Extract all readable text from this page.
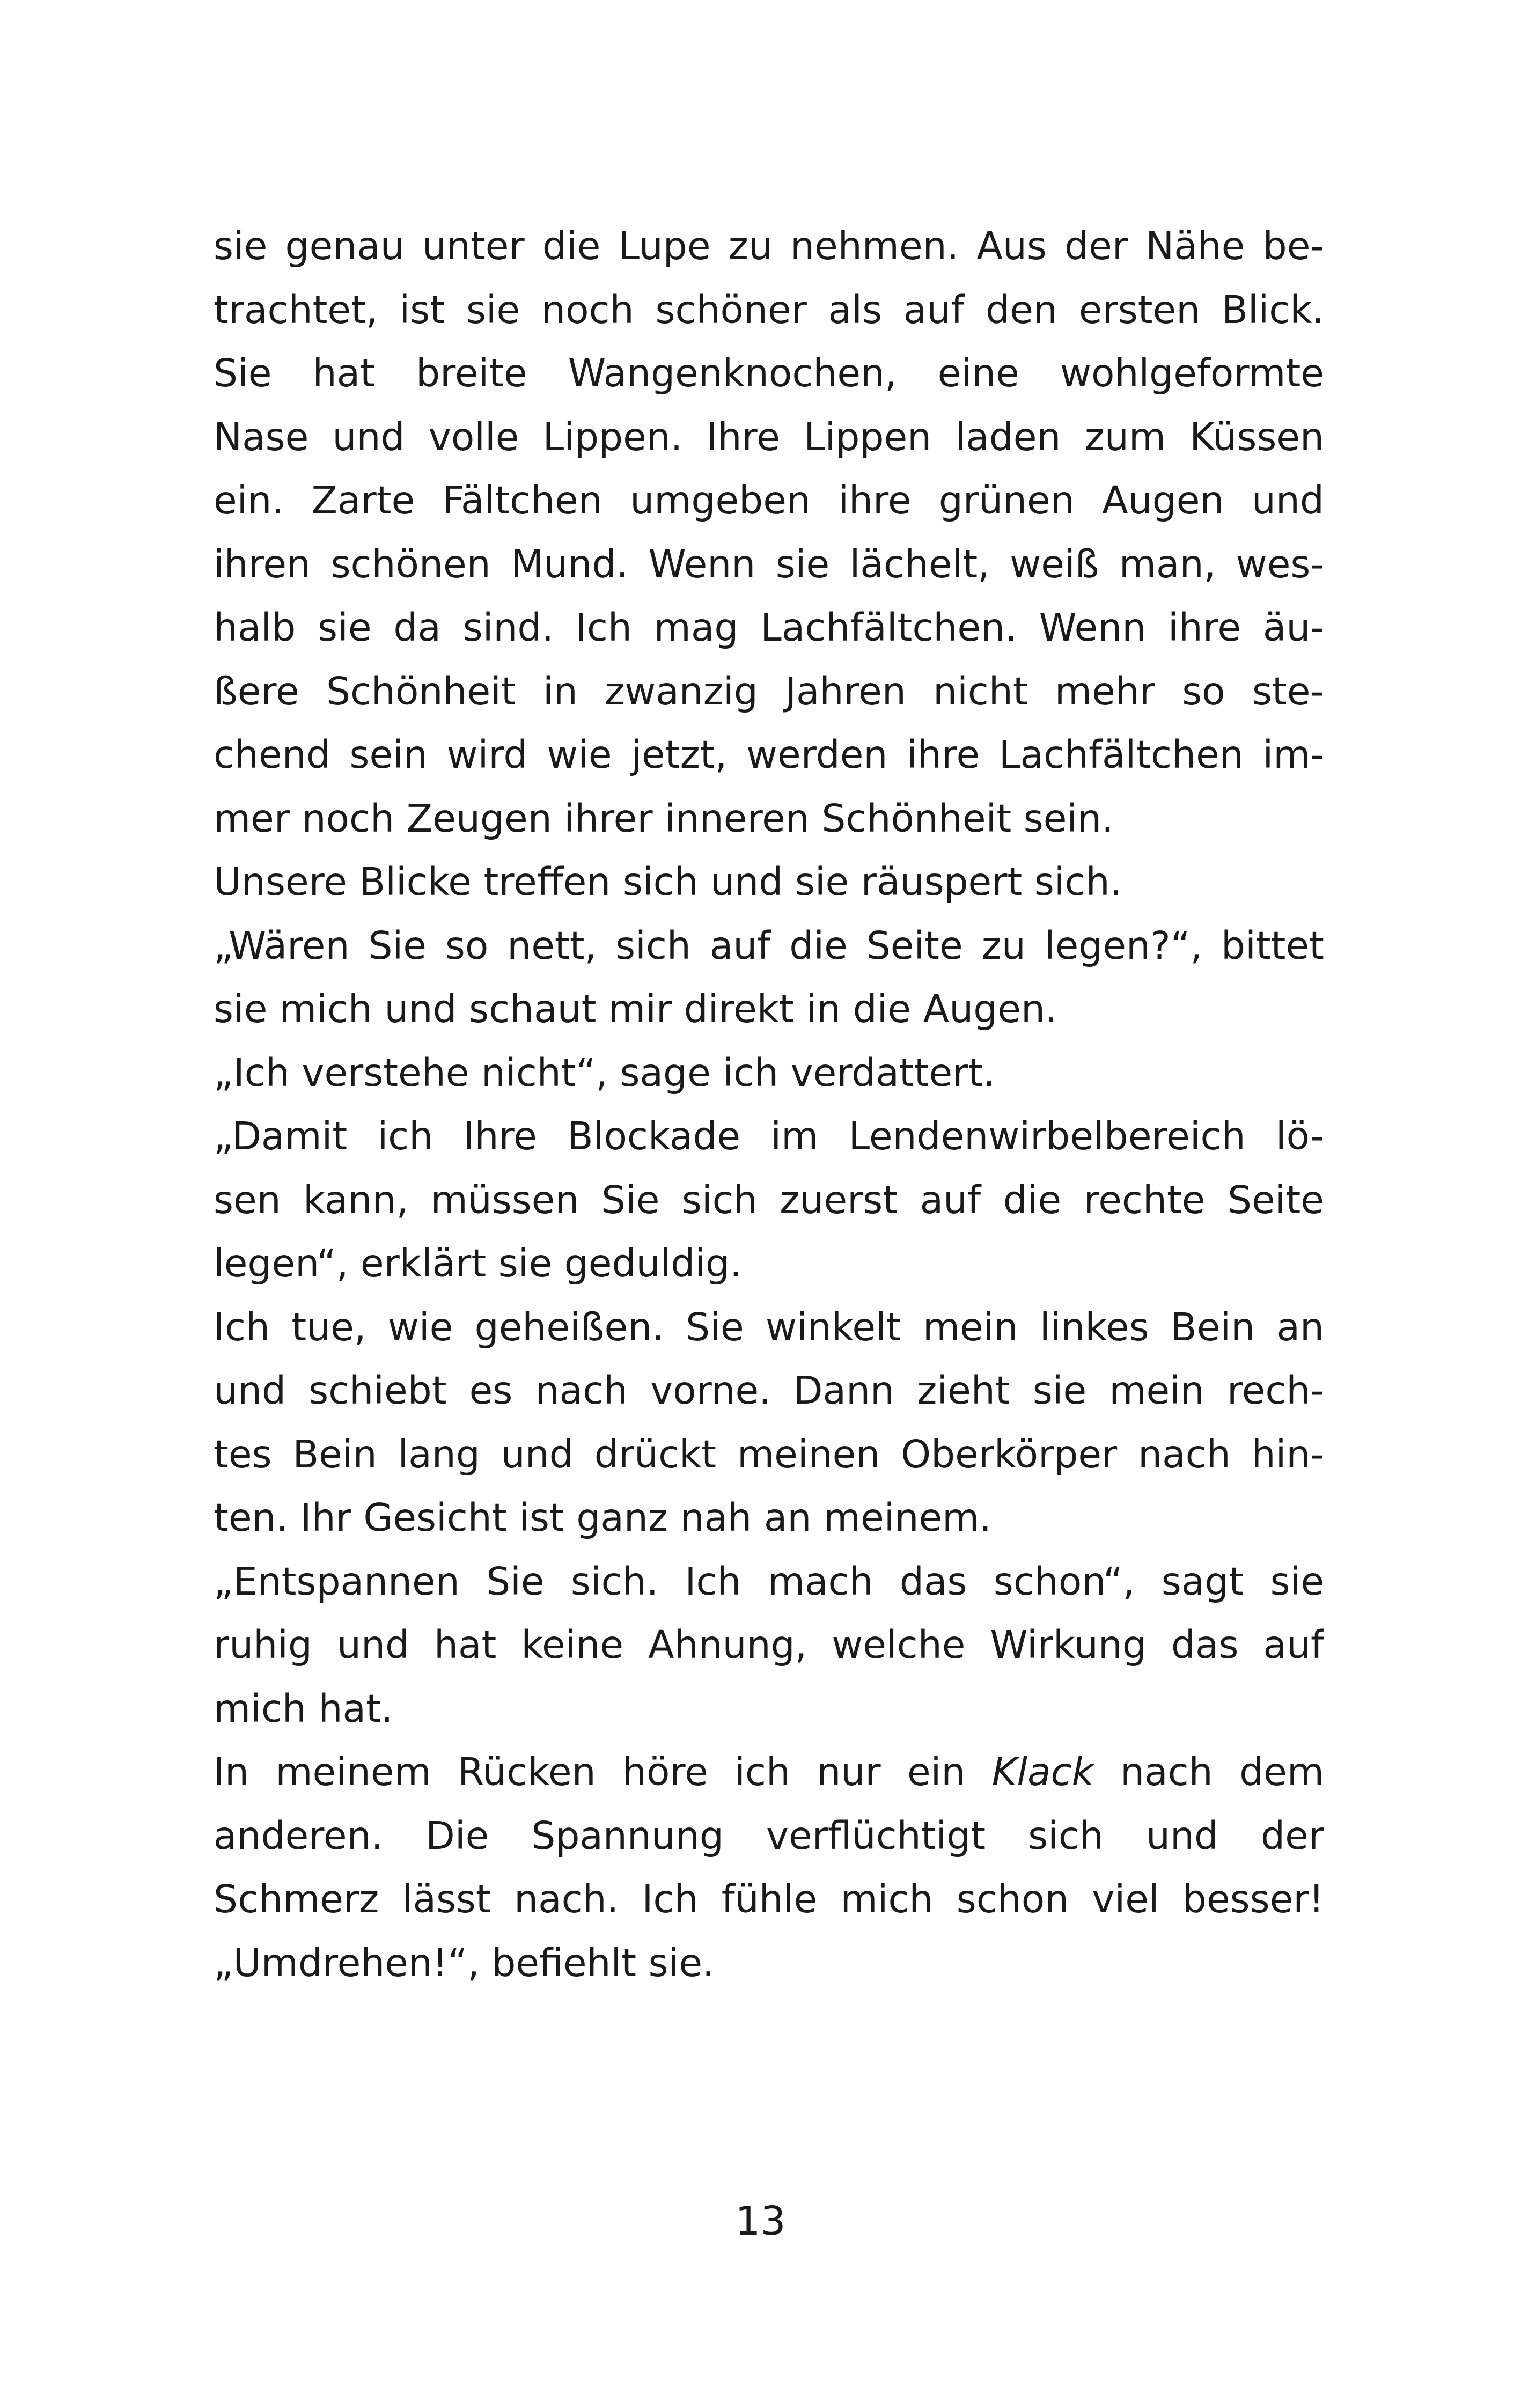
sie genau unter die Lupe zu nehmen. Aus der Nähe be-
trachtet, ist sie noch schöner als auf den ersten Blick.
Sie hat breite Wangenknochen, eine wohlgeformte
Nase und volle Lippen. Ihre Lippen laden zum Küssen
ein. Zarte Fältchen umgeben ihre grünen Augen und
ihren schönen Mund. Wenn sie lächelt, weiß man, wes-
halb sie da sind. Ich mag Lachfältchen. Wenn ihre äu-
ßere Schönheit in zwanzig Jahren nicht mehr so ste-
chend sein wird wie jetzt, werden ihre Lachfältchen im-
mer noch Zeugen ihrer inneren Schönheit sein.
Unsere Blicke treffen sich und sie räuspert sich.
„Wären Sie so nett, sich auf die Seite zu legen?“, bittet
sie mich und schaut mir direkt in die Augen.
„Ich verstehe nicht“, sage ich verdattert.
„Damit ich Ihre Blockade im Lendenwirbelbereich lö-
sen kann, müssen Sie sich zuerst auf die rechte Seite
legen“, erklärt sie geduldig.
Ich tue, wie geheißen. Sie winkelt mein linkes Bein an
und schiebt es nach vorne. Dann zieht sie mein rech-
tes Bein lang und drückt meinen Oberkörper nach hin-
ten. Ihr Gesicht ist ganz nah an meinem.
„Entspannen Sie sich. Ich mach das schon“, sagt sie
ruhig und hat keine Ahnung, welche Wirkung das auf
mich hat.
In meinem Rücken höre ich nur ein Klack nach dem
anderen. Die Spannung verflüchtigt sich und der
Schmerz lässt nach. Ich fühle mich schon viel besser!
„Umdrehen!“, befiehlt sie.
13
